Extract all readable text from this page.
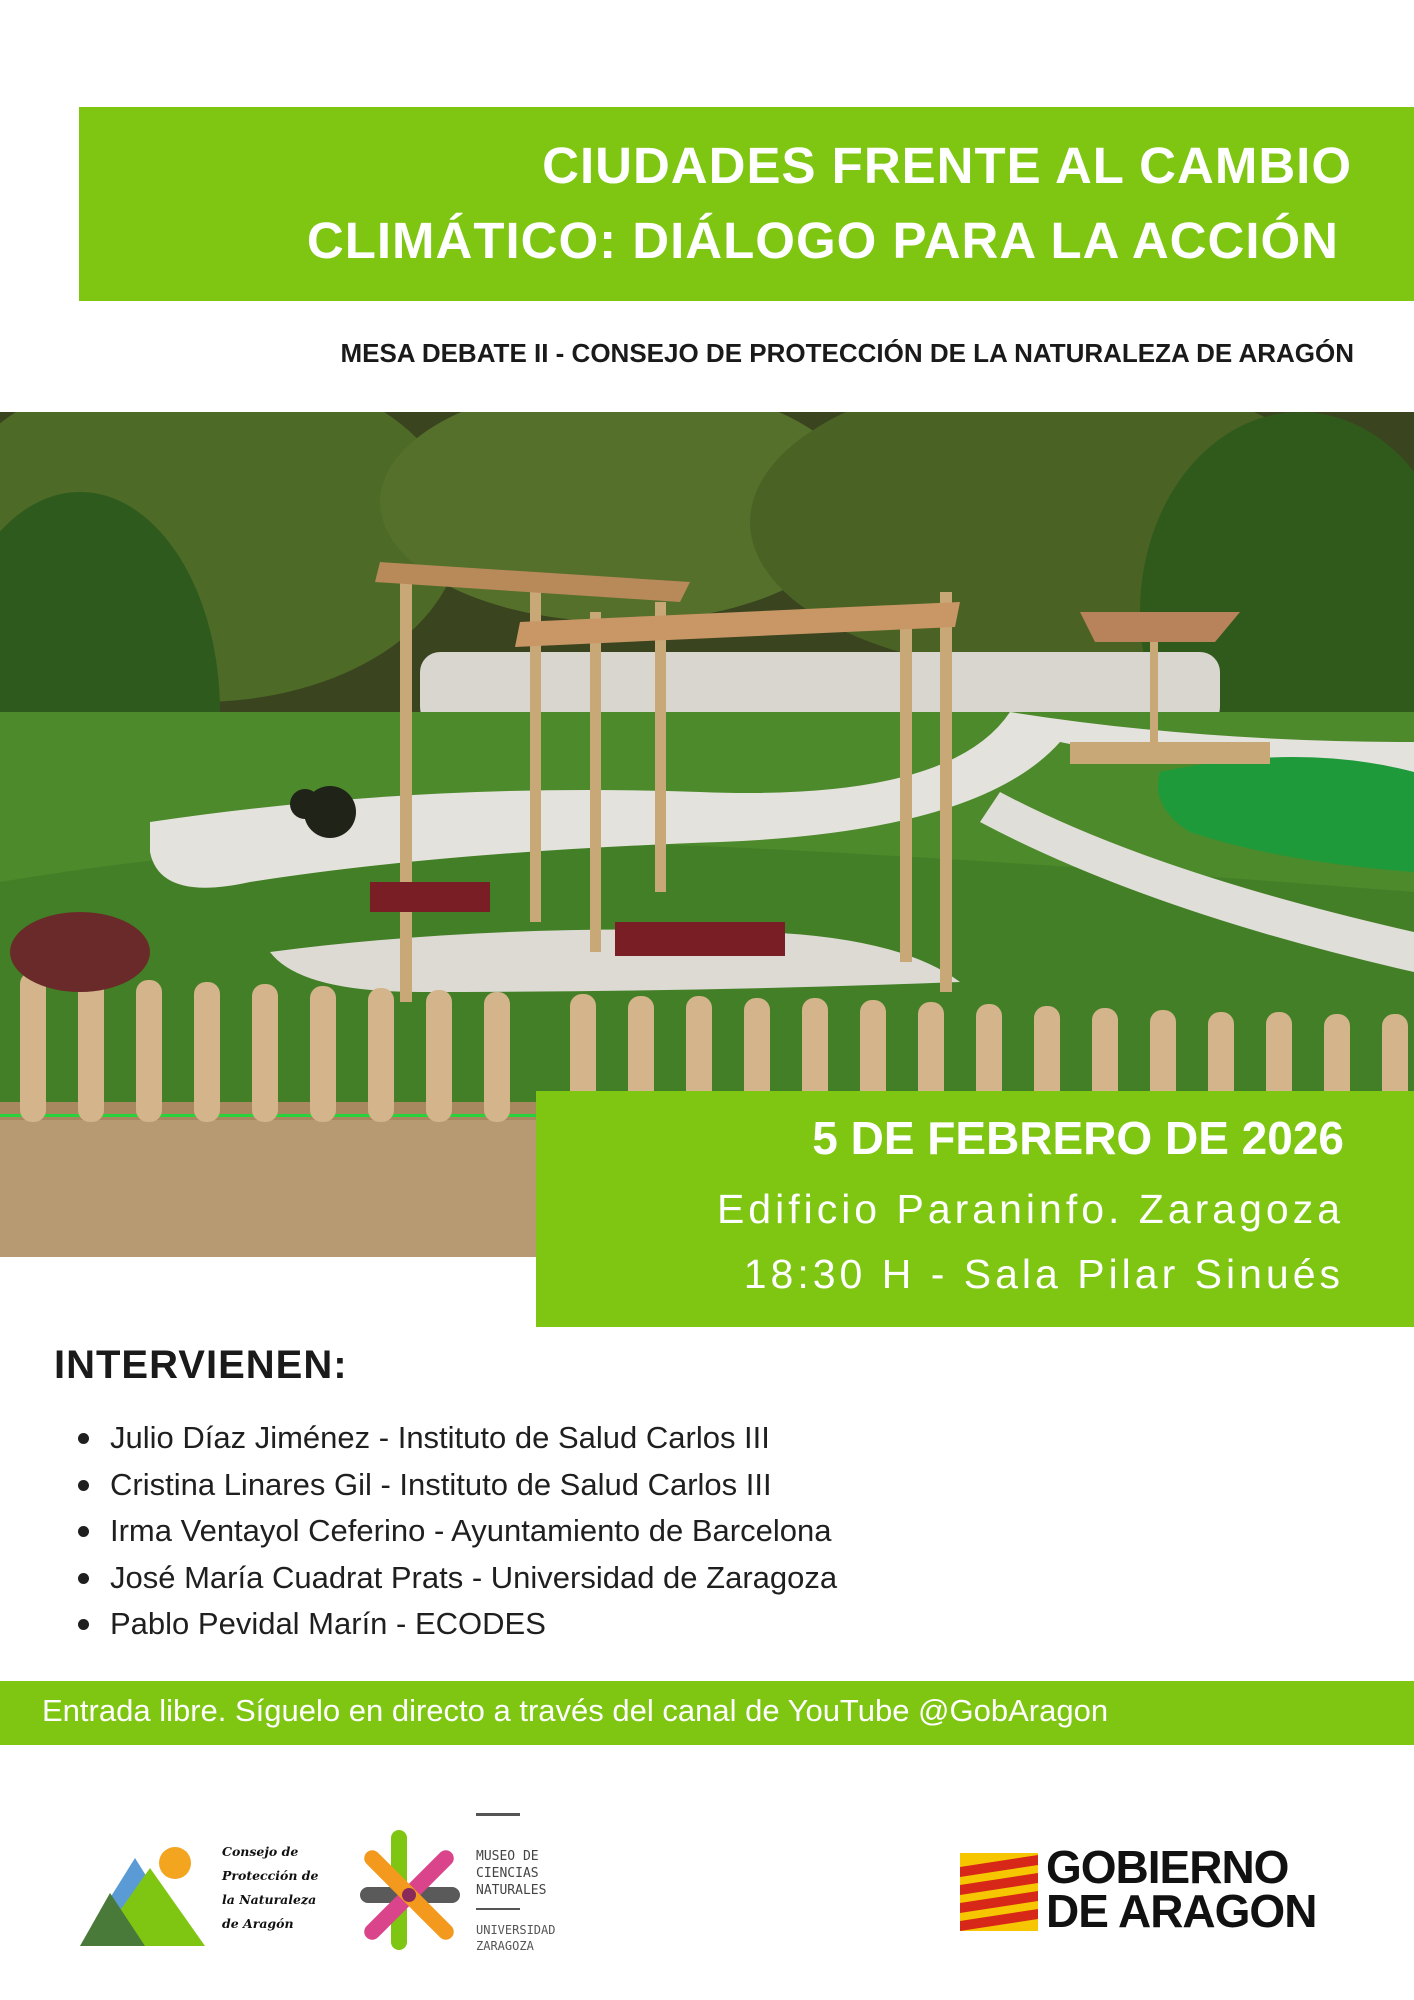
CIUDADES FRENTE AL CAMBIO
CLIMÁTICO: DIÁLOGO PARA LA ACCIÓN
MESA DEBATE II - CONSEJO DE PROTECCIÓN DE LA NATURALEZA DE ARAGÓN
5 DE FEBRERO DE 2026
Edificio Paraninfo. Zaragoza
18:30 H - Sala Pilar Sinués
INTERVIENEN:
Julio Díaz Jiménez - Instituto de Salud Carlos III
Cristina Linares Gil - Instituto de Salud Carlos III
Irma Ventayol Ceferino - Ayuntamiento de Barcelona
José María Cuadrat Prats - Universidad de Zaragoza
Pablo Pevidal Marín - ECODES
Entrada libre. Síguelo en directo a través del canal de YouTube @GobAragon
Consejo de
Protección de
la Naturaleza
de Aragón
MUSEO DE
CIENCIAS
NATURALES
UNIVERSIDAD
ZARAGOZA
GOBIERNO
DE ARAGON
